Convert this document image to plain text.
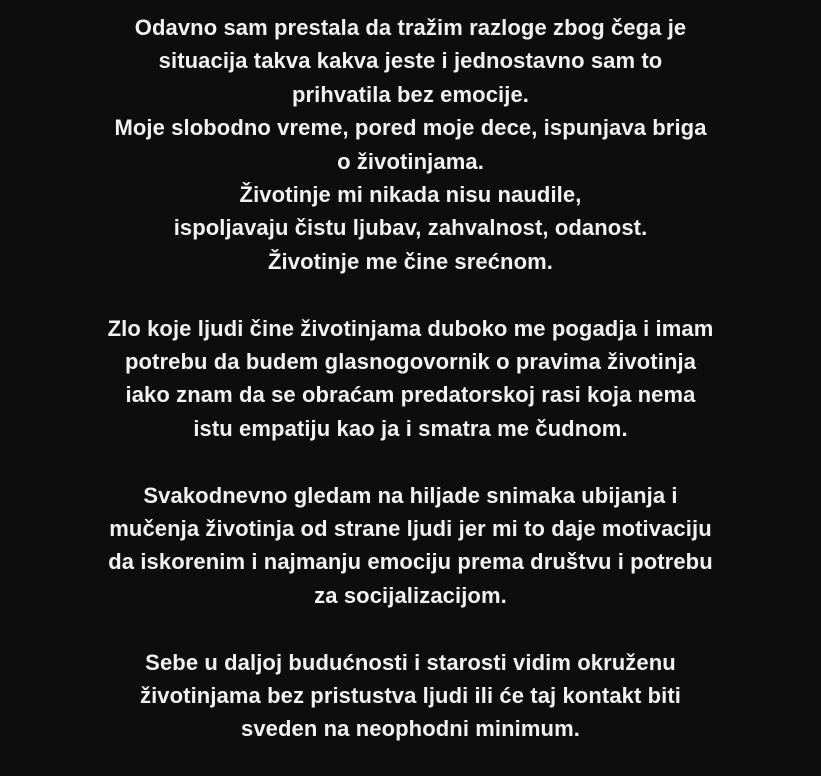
Odavno sam prestala da tražim razloge zbog čega je
situacija takva kakva jeste i jednostavno sam to
prihvatila bez emocije.
Moje slobodno vreme, pored moje dece, ispunjava briga
o životinjama.
Životinje mi nikada nisu naudile,
ispoljavaju čistu ljubav, zahvalnost, odanost.
Životinje me čine srećnom.
Zlo koje ljudi čine životinjama duboko me pogadja i imam
potrebu da budem glasnogovornik o pravima životinja
iako znam da se obraćam predatorskoj rasi koja nema
istu empatiju kao ja i smatra me čudnom.
Svakodnevno gledam na hiljade snimaka ubijanja i
mučenja životinja od strane ljudi jer mi to daje motivaciju
da iskorenim i najmanju emociju prema društvu i potrebu
za socijalizacijom.
Sebe u daljoj budućnosti i starosti vidim okruženu
životinjama bez pristustva ljudi ili će taj kontakt biti
sveden na neophodni minimum.
